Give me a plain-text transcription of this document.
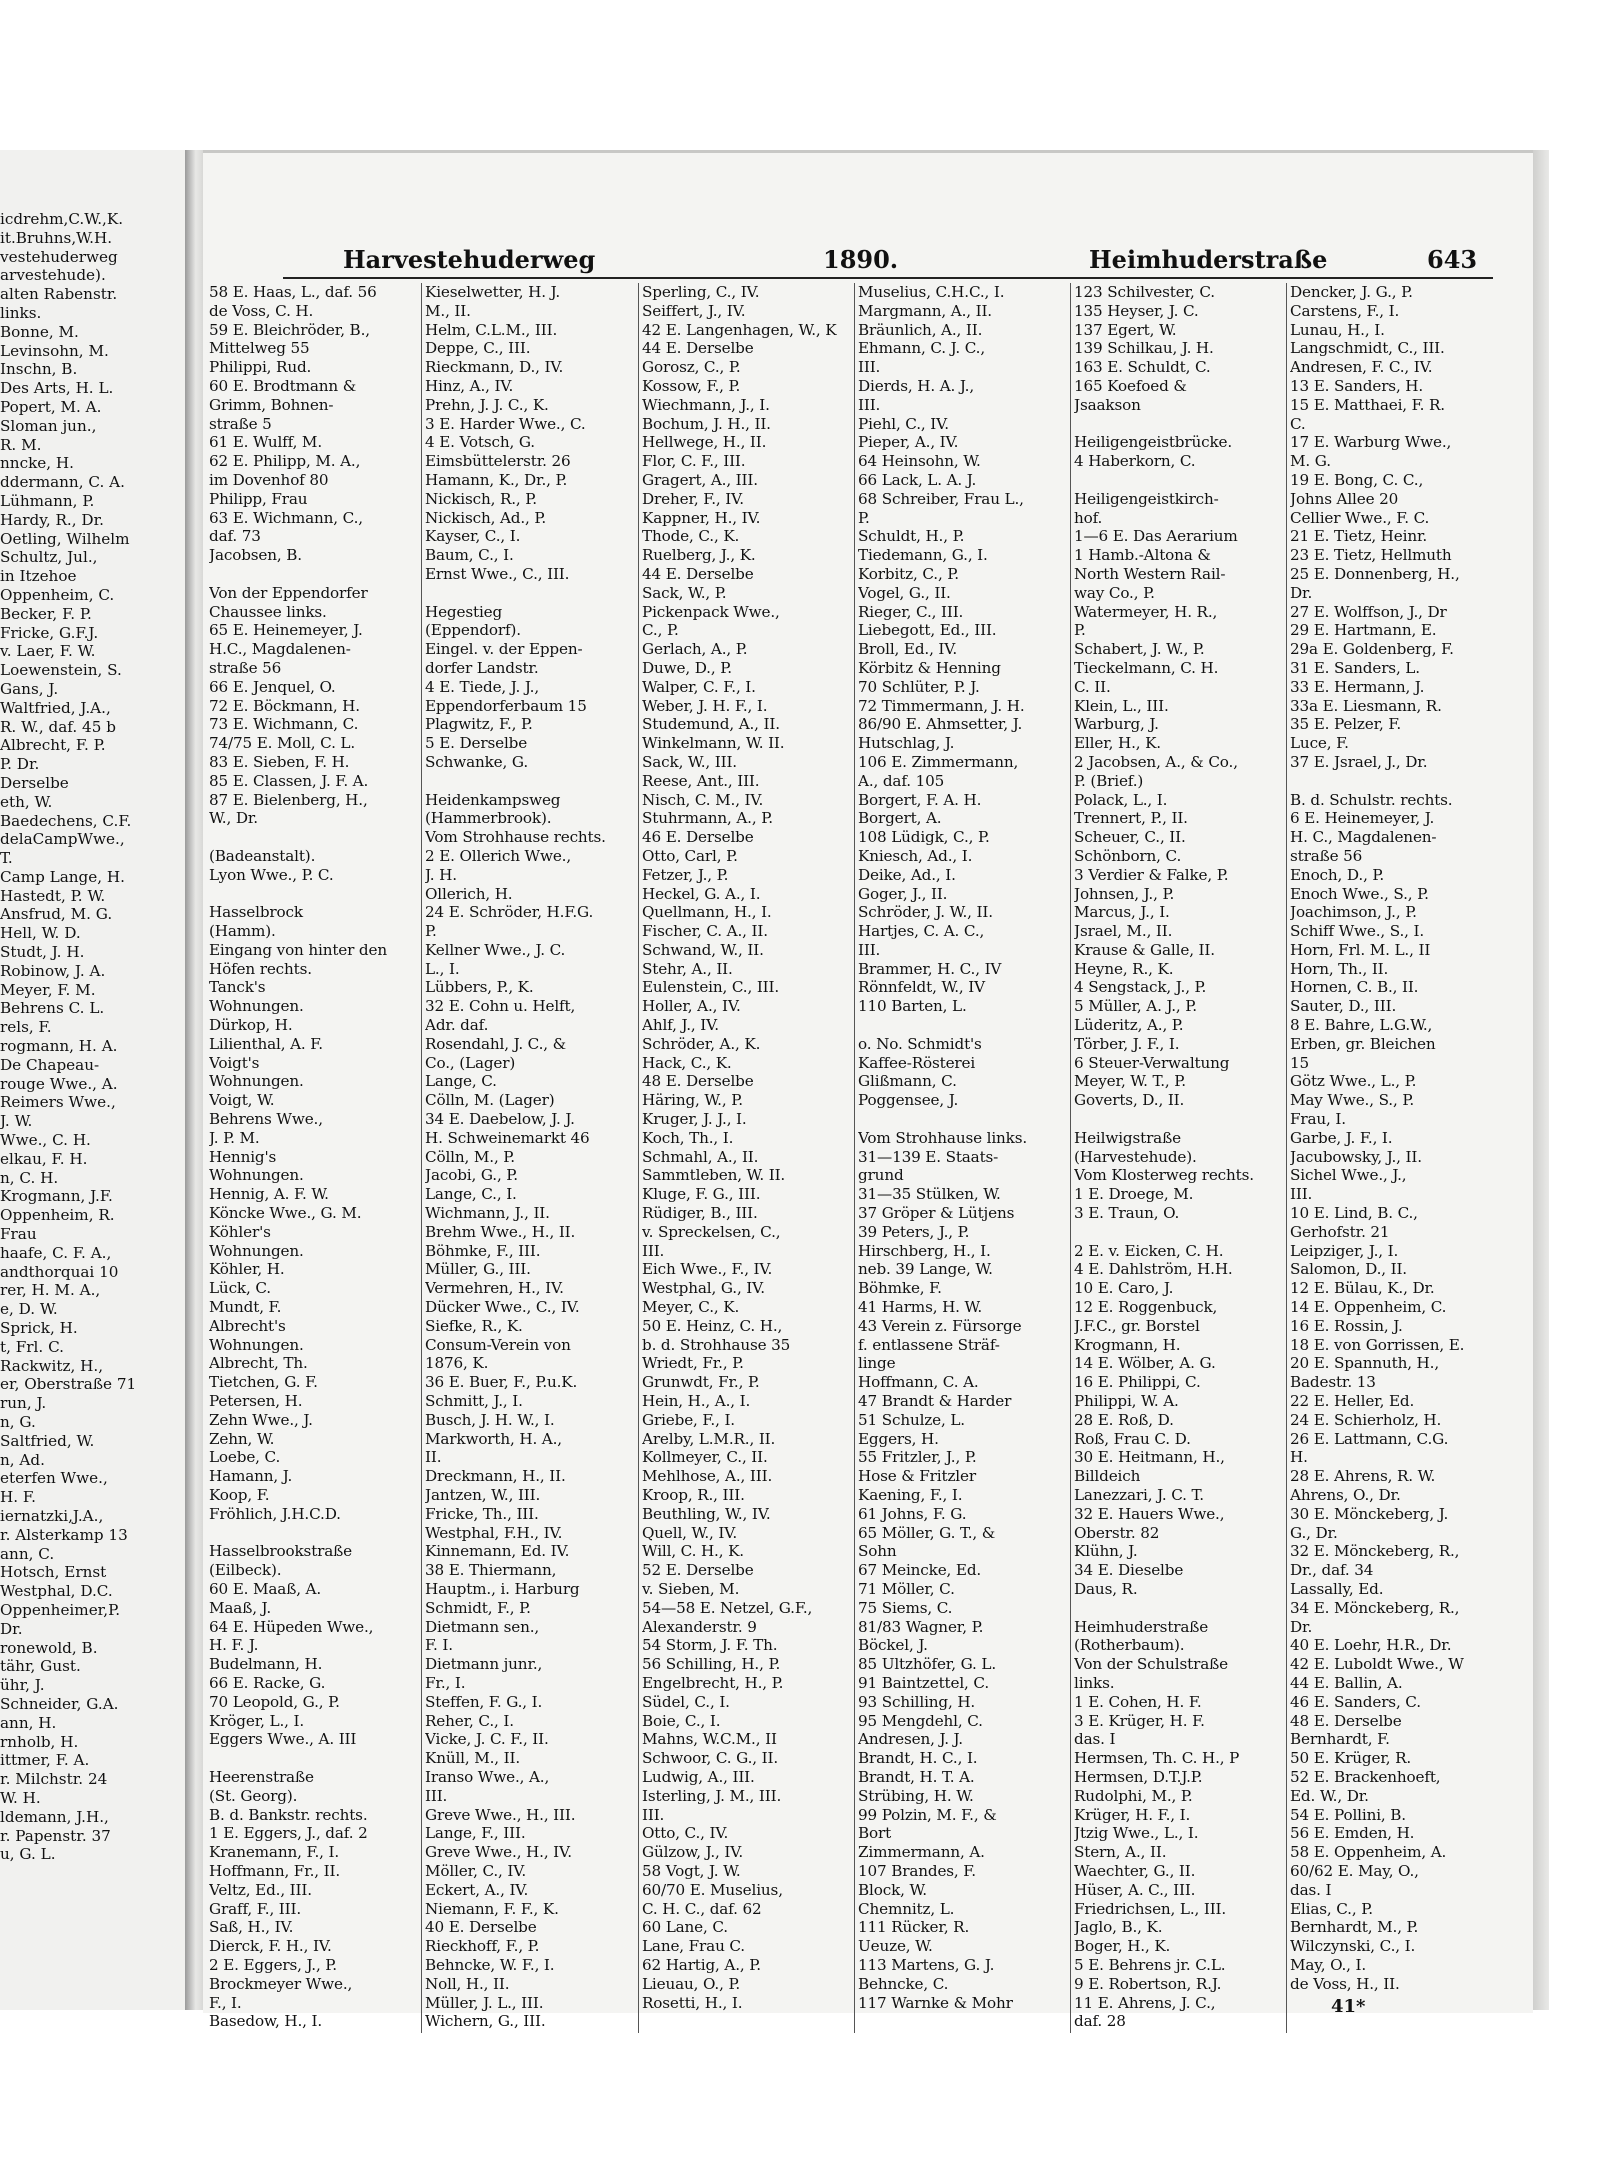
icdrehm,C.W.,K.
it.Bruhns,W.H.
vestehuderweg
arvestehude).
alten Rabenstr.
links.
Bonne, M.
Levinsohn, M.
Inschn, B.
Des Arts, H. L.
Popert, M. A.
Sloman jun.,
R. M.
nncke, H.
ddermann, C. A.
Lühmann, P.
Hardy, R., Dr.
Oetling, Wilhelm
Schultz, Jul.,
in Itzehoe
Oppenheim, C.
Becker, F. P.
Fricke, G.F.J.
v. Laer, F. W.
Loewenstein, S.
Gans, J.
Waltfried, J.A.,
R. W., daf. 45 b
Albrecht, F. P.
P. Dr.
Derselbe
eth, W.
Baedechens, C.F.
delaCampWwe.,
T.
Camp Lange, H.
Hastedt, P. W.
Ansfrud, M. G.
Hell, W. D.
Studt, J. H.
Robinow, J. A.
Meyer, F. M.
Behrens C. L.
rels, F.
rogmann, H. A.
De Chapeau-
rouge Wwe., A.
Reimers Wwe.,
J. W.
Wwe., C. H.
elkau, F. H.
n, C. H.
Krogmann, J.F.
Oppenheim, R.
Frau
haafe, C. F. A.,
andthorquai 10
rer, H. M. A.,
e, D. W.
Sprick, H.
t, Frl. C.
Rackwitz, H.,
er, Oberstraße 71
run, J.
n, G.
Saltfried, W.
n, Ad.
eterfen Wwe.,
H. F.
iernatzki,J.A.,
r. Alsterkamp 13
ann, C.
Hotsch, Ernst
Westphal, D.C.
Oppenheimer,P.
Dr.
ronewold, B.
tähr, Gust.
ühr, J.
Schneider, G.A.
ann, H.
rnholb, H.
ittmer, F. A.
r. Milchstr. 24
W. H.
ldemann, J.H.,
r. Papenstr. 37
u, G. L.
Harvestehuderweg	1890.	Heimhuderstraße	643
58 E. Haas, L., daf. 56
de Voss, C. H.
59 E. Bleichröder, B.,
Mittelweg 55
Philippi, Rud.
60 E. Brodtmann &
Grimm, Bohnen-
straße 5
61 E. Wulff, M.
62 E. Philipp, M. A.,
im Dovenhof 80
Philipp, Frau
63 E. Wichmann, C.,
daf. 73
Jacobsen, B.
Von der Eppendorfer
Chaussee links.
65 E. Heinemeyer, J.
H.C., Magdalenen-
straße 56
66 E. Jenquel, O.
72 E. Böckmann, H.
73 E. Wichmann, C.
74/75 E. Moll, C. L.
83 E. Sieben, F. H.
85 E. Classen, J. F. A.
87 E. Bielenberg, H.,
W., Dr.
(Badeanstalt).
Lyon Wwe., P. C.
Hasselbrock
(Hamm).
Eingang von hinter den
Höfen rechts.
Tanck's
Wohnungen.
Dürkop, H.
Lilienthal, A. F.
Voigt's
Wohnungen.
Voigt, W.
Behrens Wwe.,
J. P. M.
Hennig's
Wohnungen.
Hennig, A. F. W.
Köncke Wwe., G. M.
Köhler's
Wohnungen.
Köhler, H.
Lück, C.
Mundt, F.
Albrecht's
Wohnungen.
Albrecht, Th.
Tietchen, G. F.
Petersen, H.
Zehn Wwe., J.
Zehn, W.
Loebe, C.
Hamann, J.
Koop, F.
Fröhlich, J.H.C.D.
Hasselbrookstraße
(Eilbeck).
60 E. Maaß, A.
Maaß, J.
64 E. Hüpeden Wwe.,
H. F. J.
Budelmann, H.
66 E. Racke, G.
70 Leopold, G., P.
Kröger, L., I.
Eggers Wwe., A. III
Heerenstraße
(St. Georg).
B. d. Bankstr. rechts.
1 E. Eggers, J., daf. 2
Kranemann, F., I.
Hoffmann, Fr., II.
Veltz, Ed., III.
Graff, F., III.
Saß, H., IV.
Dierck, F. H., IV.
2 E. Eggers, J., P.
Brockmeyer Wwe.,
F., I.
Basedow, H., I.
Kieselwetter, H. J.
M., II.
Helm, C.L.M., III.
Deppe, C., III.
Rieckmann, D., IV.
Hinz, A., IV.
Prehn, J. J. C., K.
3 E. Harder Wwe., C.
4 E. Votsch, G.
Eimsbüttelerstr. 26
Hamann, K., Dr., P.
Nickisch, R., P.
Nickisch, Ad., P.
Kayser, C., I.
Baum, C., I.
Ernst Wwe., C., III.
Hegestieg
(Eppendorf).
Eingel. v. der Eppen-
dorfer Landstr.
4 E. Tiede, J. J.,
Eppendorferbaum 15
Plagwitz, F., P.
5 E. Derselbe
Schwanke, G.
Heidenkampsweg
(Hammerbrook).
Vom Strohhause rechts.
2 E. Ollerich Wwe.,
J. H.
Ollerich, H.
24 E. Schröder, H.F.G.
P.
Kellner Wwe., J. C.
L., I.
Lübbers, P., K.
32 E. Cohn u. Helft,
Adr. daf.
Rosendahl, J. C., &
Co., (Lager)
Lange, C.
Cölln, M. (Lager)
34 E. Daebelow, J. J.
H. Schweinemarkt 46
Cölln, M., P.
Jacobi, G., P.
Lange, C., I.
Wichmann, J., II.
Brehm Wwe., H., II.
Böhmke, F., III.
Müller, G., III.
Vermehren, H., IV.
Dücker Wwe., C., IV.
Siefke, R., K.
Consum-Verein von
1876, K.
36 E. Buer, F., P.u.K.
Schmitt, J., I.
Busch, J. H. W., I.
Markworth, H. A.,
II.
Dreckmann, H., II.
Jantzen, W., III.
Fricke, Th., III.
Westphal, F.H., IV.
Kinnemann, Ed. IV.
38 E. Thiermann,
Hauptm., i. Harburg
Schmidt, F., P.
Dietmann sen.,
F. I.
Dietmann junr.,
Fr., I.
Steffen, F. G., I.
Reher, C., I.
Vicke, J. C. F., II.
Knüll, M., II.
Iranso Wwe., A.,
III.
Greve Wwe., H., III.
Lange, F., III.
Greve Wwe., H., IV.
Möller, C., IV.
Eckert, A., IV.
Niemann, F. F., K.
40 E. Derselbe
Rieckhoff, F., P.
Behncke, W. F., I.
Noll, H., II.
Müller, J. L., III.
Wichern, G., III.
Sperling, C., IV.
Seiffert, J., IV.
42 E. Langenhagen, W., K
44 E. Derselbe
Gorosz, C., P.
Kossow, F., P.
Wiechmann, J., I.
Bochum, J. H., II.
Hellwege, H., II.
Flor, C. F., III.
Gragert, A., III.
Dreher, F., IV.
Kappner, H., IV.
Thode, C., K.
Ruelberg, J., K.
44 E. Derselbe
Sack, W., P.
Pickenpack Wwe.,
C., P.
Gerlach, A., P.
Duwe, D., P.
Walper, C. F., I.
Weber, J. H. F., I.
Studemund, A., II.
Winkelmann, W. II.
Sack, W., III.
Reese, Ant., III.
Nisch, C. M., IV.
Stuhrmann, A., P.
46 E. Derselbe
Otto, Carl, P.
Fetzer, J., P.
Heckel, G. A., I.
Quellmann, H., I.
Fischer, C. A., II.
Schwand, W., II.
Stehr, A., II.
Eulenstein, C., III.
Holler, A., IV.
Ahlf, J., IV.
Schröder, A., K.
Hack, C., K.
48 E. Derselbe
Häring, W., P.
Kruger, J. J., I.
Koch, Th., I.
Schmahl, A., II.
Sammtleben, W. II.
Kluge, F. G., III.
Rüdiger, B., III.
v. Spreckelsen, C.,
III.
Eich Wwe., F., IV.
Westphal, G., IV.
Meyer, C., K.
50 E. Heinz, C. H.,
b. d. Strohhause 35
Wriedt, Fr., P.
Grunwdt, Fr., P.
Hein, H., A., I.
Griebe, F., I.
Arelby, L.M.R., II.
Kollmeyer, C., II.
Mehlhose, A., III.
Kroop, R., III.
Beuthling, W., IV.
Quell, W., IV.
Will, C. H., K.
52 E. Derselbe
v. Sieben, M.
54—58 E. Netzel, G.F.,
Alexanderstr. 9
54 Storm, J. F. Th.
56 Schilling, H., P.
Engelbrecht, H., P.
Südel, C., I.
Boie, C., I.
Mahns, W.C.M., II
Schwoor, C. G., II.
Ludwig, A., III.
Isterling, J. M., III.
III.
Otto, C., IV.
Gülzow, J., IV.
58 Vogt, J. W.
60/70 E. Muselius,
C. H. C., daf. 62
60 Lane, C.
Lane, Frau C.
62 Hartig, A., P.
Lieuau, O., P.
Rosetti, H., I.
Muselius, C.H.C., I.
Margmann, A., II.
Bräunlich, A., II.
Ehmann, C. J. C.,
III.
Dierds, H. A. J.,
III.
Piehl, C., IV.
Pieper, A., IV.
64 Heinsohn, W.
66 Lack, L. A. J.
68 Schreiber, Frau L.,
P.
Schuldt, H., P.
Tiedemann, G., I.
Korbitz, C., P.
Vogel, G., II.
Rieger, C., III.
Liebegott, Ed., III.
Broll, Ed., IV.
Körbitz & Henning
70 Schlüter, P. J.
72 Timmermann, J. H.
86/90 E. Ahmsetter, J.
Hutschlag, J.
106 E. Zimmermann,
A., daf. 105
Borgert, F. A. H.
Borgert, A.
108 Lüdigk, C., P.
Kniesch, Ad., I.
Deike, Ad., I.
Goger, J., II.
Schröder, J. W., II.
Hartjes, C. A. C.,
III.
Brammer, H. C., IV
Rönnfeldt, W., IV
110 Barten, L.
o. No. Schmidt's
Kaffee-Rösterei
Glißmann, C.
Poggensee, J.
Vom Strohhause links.
31—139 E. Staats-
grund
31—35 Stülken, W.
37 Gröper & Lütjens
39 Peters, J., P.
Hirschberg, H., I.
neb. 39 Lange, W.
Böhmke, F.
41 Harms, H. W.
43 Verein z. Fürsorge
f. entlassene Sträf-
linge
Hoffmann, C. A.
47 Brandt & Harder
51 Schulze, L.
Eggers, H.
55 Fritzler, J., P.
Hose & Fritzler
Kaening, F., I.
61 Johns, F. G.
65 Möller, G. T., &
Sohn
67 Meincke, Ed.
71 Möller, C.
75 Siems, C.
81/83 Wagner, P.
Böckel, J.
85 Ultzhöfer, G. L.
91 Baintzettel, C.
93 Schilling, H.
95 Mengdehl, C.
Andresen, J. J.
Brandt, H. C., I.
Brandt, H. T. A.
Strübing, H. W.
99 Polzin, M. F., &
Bort
Zimmermann, A.
107 Brandes, F.
Block, W.
Chemnitz, L.
111 Rücker, R.
Ueuze, W.
113 Martens, G. J.
Behncke, C.
117 Warnke & Mohr
123 Schilvester, C.
135 Heyser, J. C.
137 Egert, W.
139 Schilkau, J. H.
163 E. Schuldt, C.
165 Koefoed &
Jsaakson
Heiligengeistbrücke.
4 Haberkorn, C.
Heiligengeistkirch-
hof.
1—6 E. Das Aerarium
1 Hamb.-Altona &
North Western Rail-
way Co., P.
Watermeyer, H. R.,
P.
Schabert, J. W., P.
Tieckelmann, C. H.
C. II.
Klein, L., III.
Warburg, J.
Eller, H., K.
2 Jacobsen, A., & Co.,
P. (Brief.)
Polack, L., I.
Trennert, P., II.
Scheuer, C., II.
Schönborn, C.
3 Verdier & Falke, P.
Johnsen, J., P.
Marcus, J., I.
Jsrael, M., II.
Krause & Galle, II.
Heyne, R., K.
4 Sengstack, J., P.
5 Müller, A. J., P.
Lüderitz, A., P.
Törber, J. F., I.
6 Steuer-Verwaltung
Meyer, W. T., P.
Goverts, D., II.
Heilwigstraße
(Harvestehude).
Vom Klosterweg rechts.
1 E. Droege, M.
3 E. Traun, O.
2 E. v. Eicken, C. H.
4 E. Dahlström, H.H.
10 E. Caro, J.
12 E. Roggenbuck,
J.F.C., gr. Borstel
Krogmann, H.
14 E. Wölber, A. G.
16 E. Philippi, C.
Philippi, W. A.
28 E. Roß, D.
Roß, Frau C. D.
30 E. Heitmann, H.,
Billdeich
Lanezzari, J. C. T.
32 E. Hauers Wwe.,
Oberstr. 82
Klühn, J.
34 E. Dieselbe
Daus, R.
Heimhuderstraße
(Rotherbaum).
Von der Schulstraße
links.
1 E. Cohen, H. F.
3 E. Krüger, H. F.
das. I
Hermsen, Th. C. H., P
Hermsen, D.T.J.P.
Rudolphi, M., P.
Krüger, H. F., I.
Jtzig Wwe., L., I.
Stern, A., II.
Waechter, G., II.
Hüser, A. C., III.
Friedrichsen, L., III.
Jaglo, B., K.
Boger, H., K.
5 E. Behrens jr. C.L.
9 E. Robertson, R.J.
11 E. Ahrens, J. C.,
daf. 28
Dencker, J. G., P.
Carstens, F., I.
Lunau, H., I.
Langschmidt, C., III.
Andresen, F. C., IV.
13 E. Sanders, H.
15 E. Matthaei, F. R.
C.
17 E. Warburg Wwe.,
M. G.
19 E. Bong, C. C.,
Johns Allee 20
Cellier Wwe., F. C.
21 E. Tietz, Heinr.
23 E. Tietz, Hellmuth
25 E. Donnenberg, H.,
Dr.
27 E. Wolffson, J., Dr
29 E. Hartmann, E.
29a E. Goldenberg, F.
31 E. Sanders, L.
33 E. Hermann, J.
33a E. Liesmann, R.
35 E. Pelzer, F.
Luce, F.
37 E. Jsrael, J., Dr.
B. d. Schulstr. rechts.
6 E. Heinemeyer, J.
H. C., Magdalenen-
straße 56
Enoch, D., P.
Enoch Wwe., S., P.
Joachimson, J., P.
Schiff Wwe., S., I.
Horn, Frl. M. L., II
Horn, Th., II.
Hornen, C. B., II.
Sauter, D., III.
8 E. Bahre, L.G.W.,
Erben, gr. Bleichen
15
Götz Wwe., L., P.
May Wwe., S., P.
Frau, I.
Garbe, J. F., I.
Jacubowsky, J., II.
Sichel Wwe., J.,
III.
10 E. Lind, B. C.,
Gerhofstr. 21
Leipziger, J., I.
Salomon, D., II.
12 E. Bülau, K., Dr.
14 E. Oppenheim, C.
16 E. Rossin, J.
18 E. von Gorrissen, E.
20 E. Spannuth, H.,
Badestr. 13
22 E. Heller, Ed.
24 E. Schierholz, H.
26 E. Lattmann, C.G.
H.
28 E. Ahrens, R. W.
Ahrens, O., Dr.
30 E. Mönckeberg, J.
G., Dr.
32 E. Mönckeberg, R.,
Dr., daf. 34
Lassally, Ed.
34 E. Mönckeberg, R.,
Dr.
40 E. Loehr, H.R., Dr.
42 E. Luboldt Wwe., W
44 E. Ballin, A.
46 E. Sanders, C.
48 E. Derselbe
Bernhardt, F.
50 E. Krüger, R.
52 E. Brackenhoeft,
Ed. W., Dr.
54 E. Pollini, B.
56 E. Emden, H.
58 E. Oppenheim, A.
60/62 E. May, O.,
das. I
Elias, C., P.
Bernhardt, M., P.
Wilczynski, C., I.
May, O., I.
de Voss, H., II.
41*
